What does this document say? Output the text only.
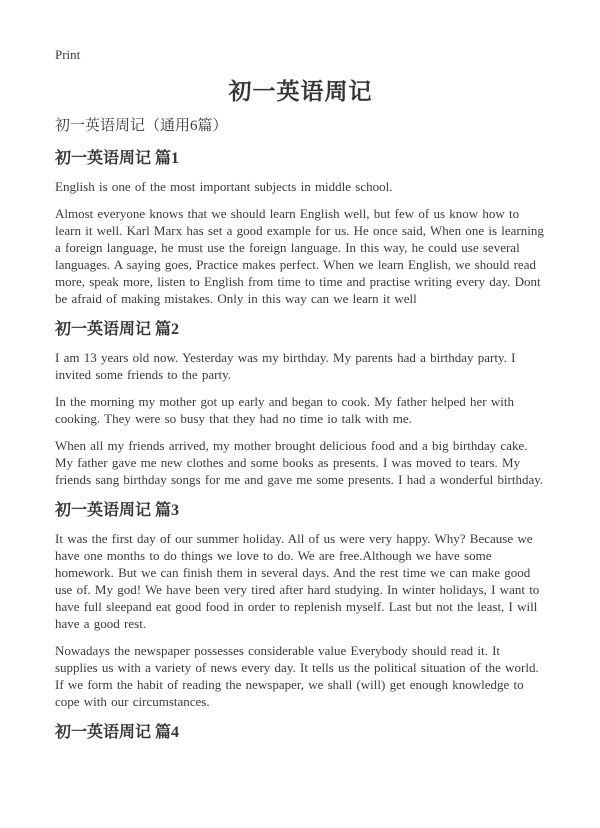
Print
初一英语周记
初一英语周记（通用6篇）
初一英语周记 篇1

English is one of the most important subjects in middle school.

Almost everyone knows that we should learn English well, but few of us know how to learn it well. Karl Marx has set a good example for us. He once said, When one is learning a foreign language, he must use the foreign language. In this way, he could use several languages. A saying goes, Practice makes perfect. When we learn English, we should read more, speak more, listen to English from time to time and practise writing every day. Dont be afraid of making mistakes. Only in this way can we learn it well

初一英语周记 篇2

I am 13 years old now. Yesterday was my birthday. My parents had a birthday party. I invited some friends to the party.

In the morning my mother got up early and began to cook. My father helped her with cooking. They were so busy that they had no time io talk with me.

When all my friends arrived, my mother brought delicious food and a big birthday cake. My father gave me new clothes and some books as presents. I was moved to tears. My friends sang birthday songs for me and gave me some presents. I had a wonderful birthday.

初一英语周记 篇3

It was the first day of our summer holiday. All of us were very happy. Why? Because we have one months to do things we love to do. We are free.Although we have some homework. But we can finish them in several days. And the rest time we can make good use of. My god! We have been very tired after hard studying. In winter holidays, I want to have full sleepand eat good food in order to replenish myself. Last but not the least, I will have a good rest.

Nowadays the newspaper possesses considerable value Everybody should read it. It supplies us with a variety of news every day. It tells us the political situation of the world. If we form the habit of reading the newspaper, we shall (will) get enough knowledge to cope with our circumstances.

初一英语周记 篇4
